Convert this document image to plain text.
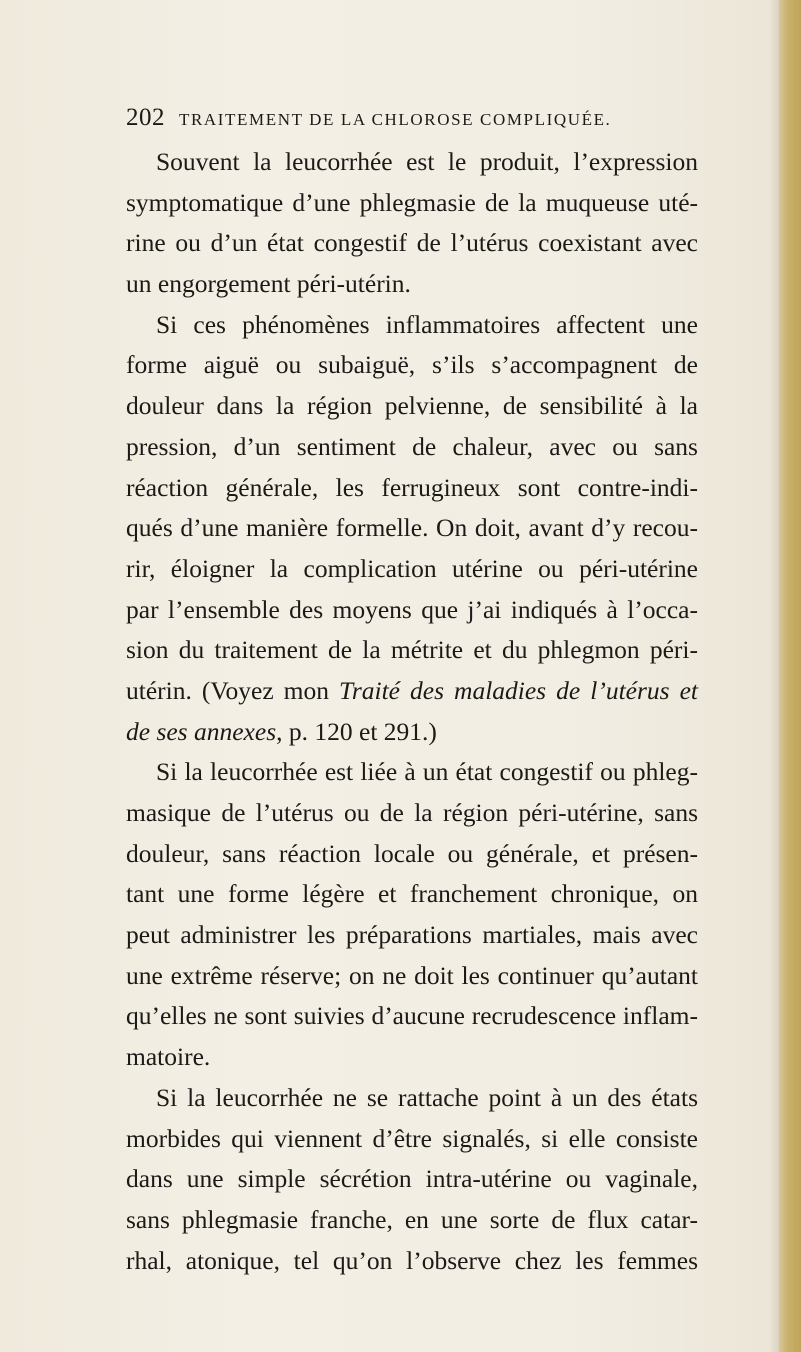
202 TRAITEMENT DE LA CHLOROSE COMPLIQUÉE.
Souvent la leucorrhée est le produit, l’expression
symptomatique d’une phlegmasie de la muqueuse uté-
rine ou d’un état congestif de l’utérus coexistant avec
un engorgement péri-utérin.
Si ces phénomènes inflammatoires affectent une
forme aiguë ou subaiguë, s’ils s’accompagnent de
douleur dans la région pelvienne, de sensibilité à la
pression, d’un sentiment de chaleur, avec ou sans
réaction générale, les ferrugineux sont contre-indi-
qués d’une manière formelle. On doit, avant d’y recou-
rir, éloigner la complication utérine ou péri-utérine
par l’ensemble des moyens que j’ai indiqués à l’occa-
sion du traitement de la métrite et du phlegmon péri-
utérin. (Voyez mon Traité des maladies de l’utérus et
de ses annexes, p. 120 et 291.)
Si la leucorrhée est liée à un état congestif ou phleg-
masique de l’utérus ou de la région péri-utérine, sans
douleur, sans réaction locale ou générale, et présen-
tant une forme légère et franchement chronique, on
peut administrer les préparations martiales, mais avec
une extrême réserve; on ne doit les continuer qu’autant
qu’elles ne sont suivies d’aucune recrudescence inflam-
matoire.
Si la leucorrhée ne se rattache point à un des états
morbides qui viennent d’être signalés, si elle consiste
dans une simple sécrétion intra-utérine ou vaginale,
sans phlegmasie franche, en une sorte de flux catar-
rhal, atonique, tel qu’on l’observe chez les femmes
